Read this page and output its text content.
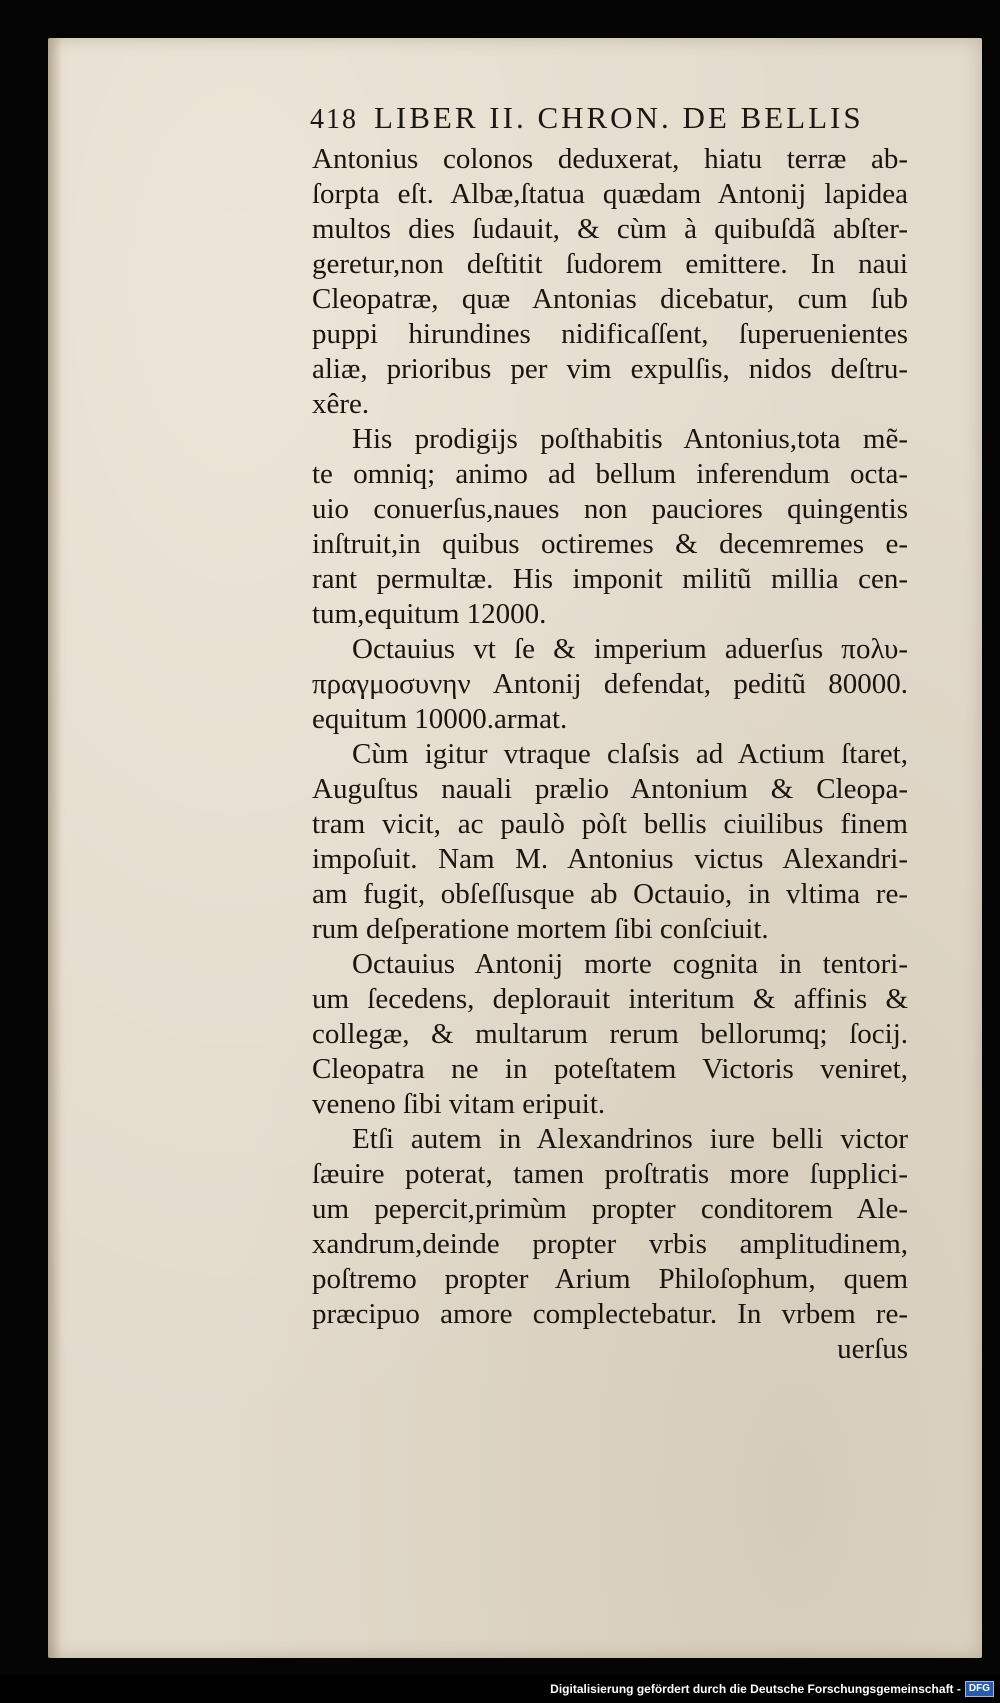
418 LIBER II. CHRON. DE BELLIS
Antonius colonos deduxerat, hiatu terræ ab-
ſorpta eſt. Albæ,ſtatua quædam Antonij lapidea
multos dies ſudauit, & cùm à quibuſdã abſter-
geretur,non deſtitit ſudorem emittere. In naui
Cleopatræ, quæ Antonias dicebatur, cum ſub
puppi hirundines nidificaſſent, ſuperuenientes
aliæ, prioribus per vim expulſis, nidos deſtru-
xêre.
His prodigijs poſthabitis Antonius,tota mẽ-
te omniq; animo ad bellum inferendum octa-
uio conuerſus,naues non pauciores quingentis
inſtruit,in quibus octiremes & decemremes e-
rant permultæ. His imponit militũ millia cen-
tum,equitum 12000.
Octauius vt ſe & imperium aduerſus πολυ-
πραγμοσυνην Antonij defendat, peditũ 80000.
equitum 10000.armat.
Cùm igitur vtraque claſsis ad Actium ſtaret,
Auguſtus nauali prælio Antonium & Cleopa-
tram vicit, ac paulò pòſt bellis ciuilibus finem
impoſuit. Nam M. Antonius victus Alexandri-
am fugit, obſeſſusque ab Octauio, in vltima re-
rum deſperatione mortem ſibi conſciuit.
Octauius Antonij morte cognita in tentori-
um ſecedens, deplorauit interitum & affinis &
collegæ, & multarum rerum bellorumq; ſocij.
Cleopatra ne in poteſtatem Victoris veniret,
veneno ſibi vitam eripuit.
Etſi autem in Alexandrinos iure belli victor
ſæuire poterat, tamen proſtratis more ſupplici-
um pepercit,primùm propter conditorem Ale-
xandrum,deinde propter vrbis amplitudinem,
poſtremo propter Arium Philoſophum, quem
præcipuo amore complectebatur. In vrbem re-
uerſus
Digitalisierung gefördert durch die Deutsche Forschungsgemeinschaft - DFG
